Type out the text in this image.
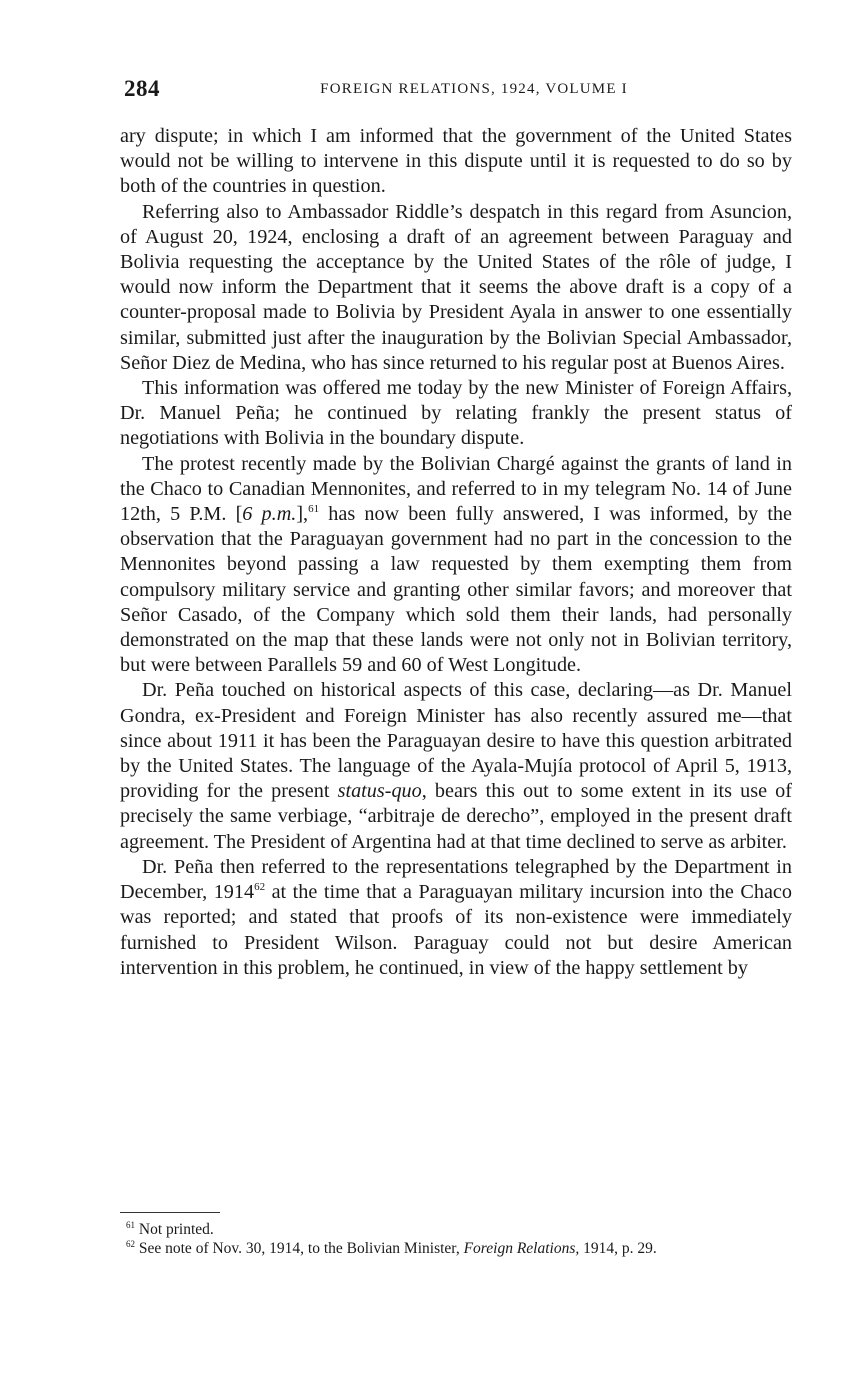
284	FOREIGN RELATIONS, 1924, VOLUME I

ary dispute; in which I am informed that the government of the United States would not be willing to intervene in this dispute until it is requested to do so by both of the countries in question.

Referring also to Ambassador Riddle’s despatch in this regard from Asuncion, of August 20, 1924, enclosing a draft of an agreement between Paraguay and Bolivia requesting the acceptance by the United States of the rôle of judge, I would now inform the Department that it seems the above draft is a copy of a counter-proposal made to Bolivia by President Ayala in answer to one essentially similar, submitted just after the inauguration by the Bolivian Special Ambassador, Señor Diez de Medina, who has since returned to his regular post at Buenos Aires.

This information was offered me today by the new Minister of Foreign Affairs, Dr. Manuel Peña; he continued by relating frankly the present status of negotiations with Bolivia in the boundary dispute.

The protest recently made by the Bolivian Chargé against the grants of land in the Chaco to Canadian Mennonites, and referred to in my telegram No. 14 of June 12th, 5 P.M. [6 p.m.],$^{61}$ has now been fully answered, I was informed, by the observation that the Paraguayan government had no part in the concession to the Mennonites beyond passing a law requested by them exempting them from compulsory military service and granting other similar favors; and moreover that Señor Casado, of the Company which sold them their lands, had personally demonstrated on the map that these lands were not only not in Bolivian territory, but were between Parallels 59 and 60 of West Longitude.

Dr. Peña touched on historical aspects of this case, declaring—as Dr. Manuel Gondra, ex-President and Foreign Minister has also recently assured me—that since about 1911 it has been the Paraguayan desire to have this question arbitrated by the United States. The language of the Ayala-Mujía protocol of April 5, 1913, providing for the present status-quo, bears this out to some extent in its use of precisely the same verbiage, “arbitraje de derecho”, employed in the present draft agreement. The President of Argentina had at that time declined to serve as arbiter.

Dr. Peña then referred to the representations telegraphed by the Department in December, 1914$^{62}$ at the time that a Paraguayan military incursion into the Chaco was reported; and stated that proofs of its non-existence were immediately furnished to President Wilson. Paraguay could not but desire American intervention in this problem, he continued, in view of the happy settlement by

$^{61}$ Not printed.

$^{62}$ See note of Nov. 30, 1914, to the Bolivian Minister, Foreign Relations, 1914, p. 29.
